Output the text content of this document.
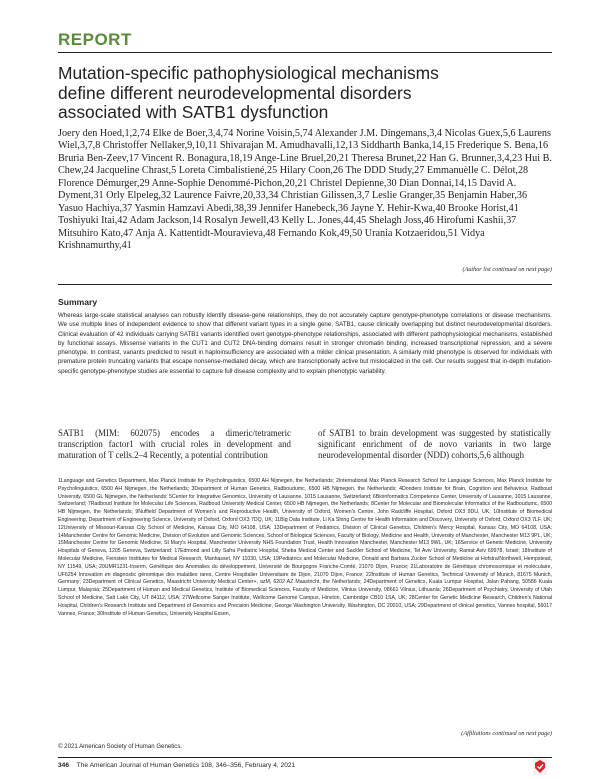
REPORT
Mutation-specific pathophysiological mechanisms define different neurodevelopmental disorders associated with SATB1 dysfunction
Joery den Hoed,1,2,74 Elke de Boer,3,4,74 Norine Voisin,5,74 Alexander J.M. Dingemans,3,4 Nicolas Guex,5,6 Laurens Wiel,3,7,8 Christoffer Nellaker,9,10,11 Shivarajan M. Amudhavalli,12,13 Siddharth Banka,14,15 Frederique S. Bena,16 Bruria Ben-Zeev,17 Vincent R. Bonagura,18,19 Ange-Line Bruel,20,21 Theresa Brunet,22 Han G. Brunner,3,4,23 Hui B. Chew,24 Jacqueline Chrast,5 Loreta Cimbalistiené,25 Hilary Coon,26 The DDD Study,27 Emmanuèlle C. Délot,28 Florence Démurger,29 Anne-Sophie Denommé-Pichon,20,21 Christel Depienne,30 Dian Donnai,14,15 David A. Dyment,31 Orly Elpeleg,32 Laurence Faivre,20,33,34 Christian Gilissen,3,7 Leslie Granger,35 Benjamin Haber,36 Yasuo Hachiya,37 Yasmin Hamzavi Abedi,38,39 Jennifer Hanebeck,36 Jayne Y. Hehir-Kwa,40 Brooke Horist,41 Toshiyuki Itai,42 Adam Jackson,14 Rosalyn Jewell,43 Kelly L. Jones,44,45 Shelagh Joss,46 Hirofumi Kashii,37 Mitsuhiro Kato,47 Anja A. Kattentidt-Mouravieva,48 Fernando Kok,49,50 Urania Kotzaeridou,51 Vidya Krishnamurthy,41
(Author list continued on next page)
Summary
Whereas large-scale statistical analyses can robustly identify disease-gene relationships, they do not accurately capture genotype-phenotype correlations or disease mechanisms. We use multiple lines of independent evidence to show that different variant types in a single gene, SATB1, cause clinically overlapping but distinct neurodevelopmental disorders. Clinical evaluation of 42 individuals carrying SATB1 variants identified overt genotype-phenotype relationships, associated with different pathophysiological mechanisms, established by functional assays. Missense variants in the CUT1 and CUT2 DNA-binding domains result in stronger chromatin binding, increased transcriptional repression, and a severe phenotype. In contrast, variants predicted to result in haploinsufficiency are associated with a milder clinical presentation. A similarly mild phenotype is observed for individuals with premature protein truncating variants that escape nonsense-mediated decay, which are transcriptionally active but mislocalized in the cell. Our results suggest that in-depth mutation-specific genotype-phenotype studies are essential to capture full disease complexity and to explain phenotypic variability.
SATB1 (MIM: 602075) encodes a dimeric/tetrameric transcription factor1 with crucial roles in development and maturation of T cells.2–4 Recently, a potential contribution
of SATB1 to brain development was suggested by statistically significant enrichment of de novo variants in two large neurodevelopmental disorder (NDD) cohorts,5,6 although
1Language and Genetics Department, Max Planck Institute for Psycholinguistics, 6500 AH Nijmegen, the Netherlands; 2International Max Planck Research School for Language Sciences, Max Planck Institute for Psycholinguistics, 6500 AH Nijmegen, the Netherlands; 3Department of Human Genetics, Radboudumc, 6500 HB Nijmegen, the Netherlands; 4Donders Institute for Brain, Cognition and Behaviour, Radboud University, 6500 GL Nijmegen, the Netherlands; 5Center for Integrative Genomics, University of Lausanne, 1015 Lausanne, Switzerland; 6Bioinformatics Competence Center, University of Lausanne, 1015 Lausanne, Switzerland; 7Radboud Institute for Molecular Life Sciences, Radboud University Medical Center, 6500 HB Nijmegen, the Netherlands; 8Center for Molecular and Biomolecular Informatics of the Radboudumc, 6500 HB Nijmegen, the Netherlands; 9Nuffield Department of Women's and Reproductive Health, University of Oxford, Women's Centre, John Radcliffe Hospital, Oxford OX3 9DU, UK; 10Institute of Biomedical Engineering, Department of Engineering Science, University of Oxford, Oxford OX3 7DQ, UK; 11Big Data Institute, Li Ka Shing Centre for Health Information and Discovery, University of Oxford, Oxford OX3 7LF, UK; 12University of Missouri-Kansas City School of Medicine, Kansas City, MO 64108, USA; 13Department of Pediatrics, Division of Clinical Genetics, Children's Mercy Hospital, Kansas City, MO 64108, USA; 14Manchester Centre for Genomic Medicine, Division of Evolution and Genomic Sciences, School of Biological Sciences, Faculty of Biology, Medicine and Health, University of Manchester, Manchester M13 9PL, UK; 15Manchester Centre for Genomic Medicine, St Mary's Hospital, Manchester University NHS Foundation Trust, Health Innovation Manchester, Manchester M13 9WL, UK; 16Service of Genetic Medicine, University Hospitals of Geneva, 1205 Geneva, Switzerland; 17Edmond and Lilly Safra Pediatric Hospital, Sheba Medical Center and Sackler School of Medicine, Tel Aviv University, Ramat Aviv 69978, Israel; 18Institute of Molecular Medicine, Feinstein Institutes for Medical Research, Manhasset, NY 11030, USA; 19Pediatrics and Molecular Medicine, Donald and Barbara Zucker School of Medicine at Hofstra/Northwell, Hempstead, NY 11549, USA; 20UMR1231-Inserm, Génétique des Anomalies du développement, Université de Bourgogne Franche-Comté, 21070 Dijon, France; 21Laboratoire de Génétique chromosomique et moléculaire, UF6254 Innovation en diagnostic génomique des maladies rares, Centre Hospitalier Universitaire de Dijon, 21070 Dijon, France; 22Institute of Human Genetics, Technical University of Munich, 81675 Munich, Germany; 23Department of Clinical Genetics, Maastricht University Medical Center+, azM, 6202 AZ Maastricht, the Netherlands; 24Department of Genetics, Kuala Lumpur Hospital, Jalan Pahang, 50586 Kuala Lumpur, Malaysia; 25Department of Human and Medical Genetics, Institute of Biomedical Sciences, Faculty of Medicine, Vilnius University, 08661 Vilnius, Lithuania; 26Department of Psychiatry, University of Utah School of Medicine, Salt Lake City, UT 84112, USA; 27Wellcome Sanger Institute, Wellcome Genome Campus, Hinxton, Cambridge CB10 1SA, UK; 28Center for Genetic Medicine Research, Children's National Hospital, Children's Research Institute and Department of Genomics and Precision Medicine, George Washington University, Washington, DC 20010, USA; 29Department of clinical genetics, Vannes hospital, 56017 Vannes, France; 30Institute of Human Genetics, University Hospital Essen,
(Affiliations continued on next page)
© 2021 American Society of Human Genetics.
346 The American Journal of Human Genetics 108, 346–356, February 4, 2021
